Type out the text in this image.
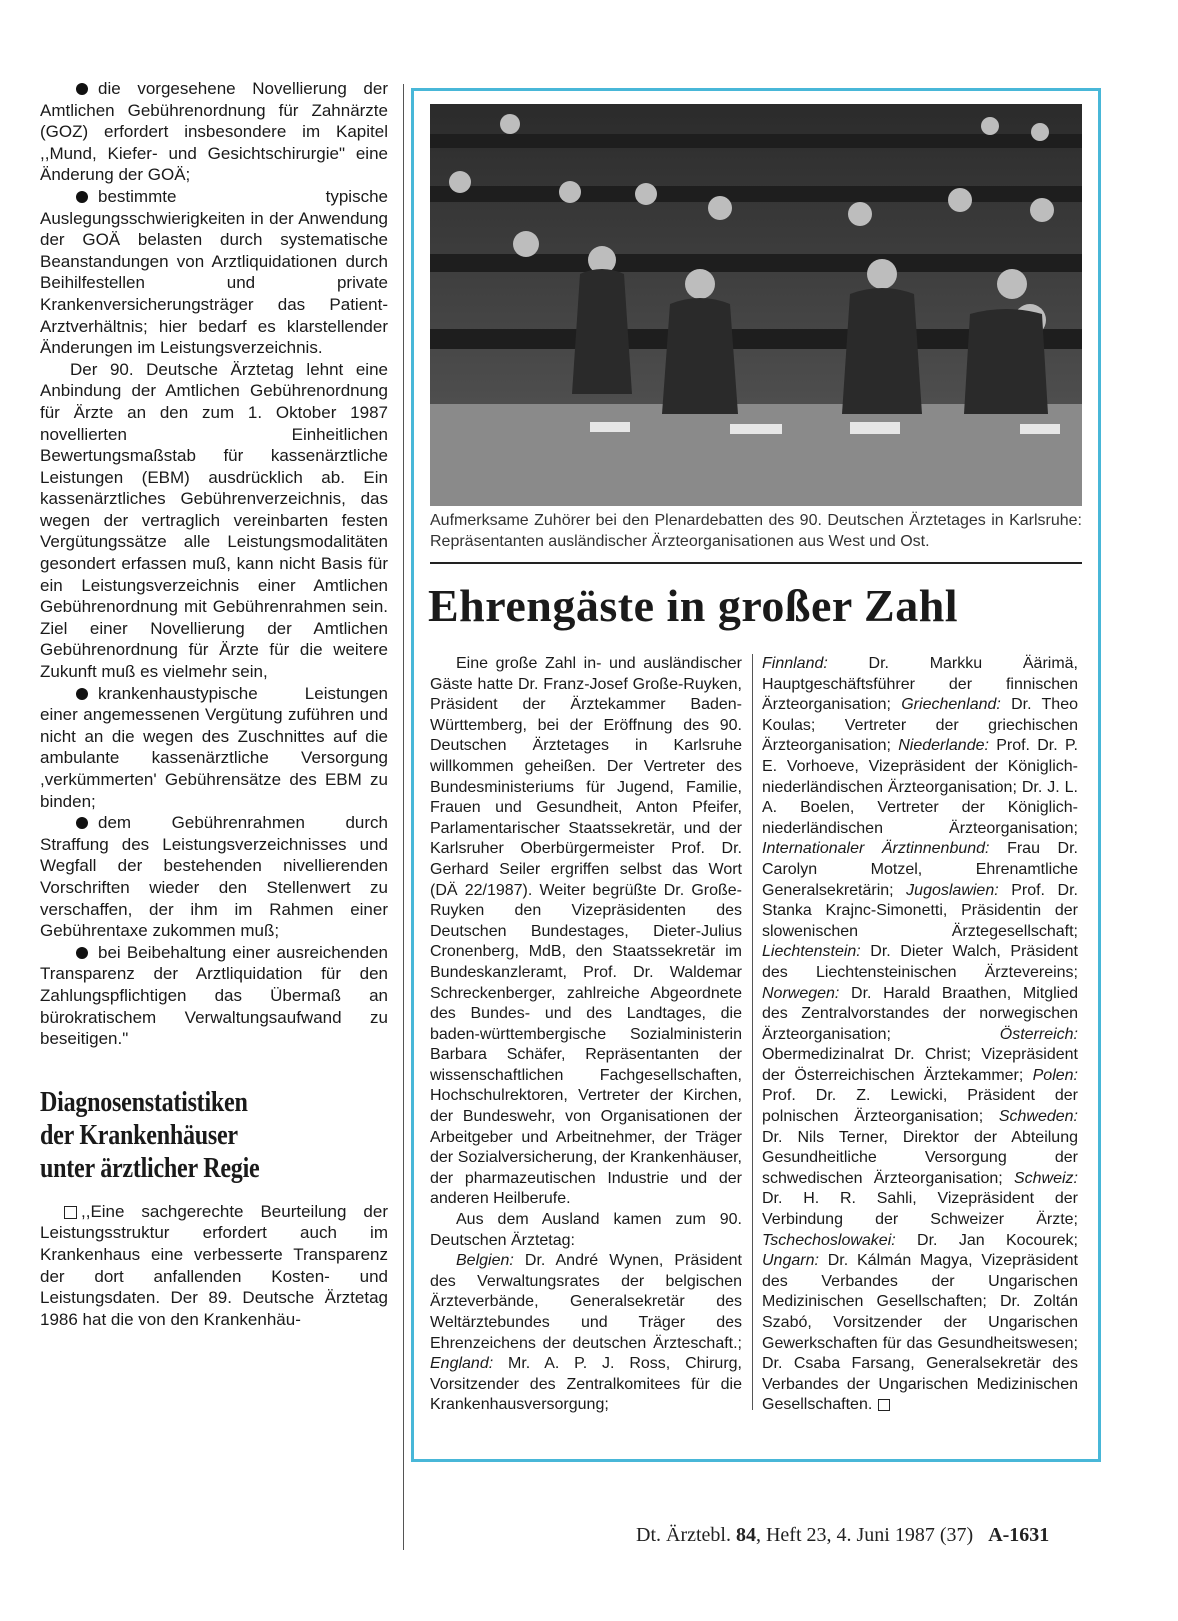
die vorgesehene Novellierung der Amtlichen Gebührenordnung für Zahnärzte (GOZ) erfordert insbesondere im Kapitel ,,Mund, Kiefer- und Gesichtschirurgie" eine Änderung der GOÄ;

bestimmte typische Auslegungsschwierigkeiten in der Anwendung der GOÄ belasten durch systematische Beanstandungen von Arztliquidationen durch Beihilfestellen und private Krankenversicherungsträger das Patient-Arztverhältnis; hier bedarf es klarstellender Änderungen im Leistungsverzeichnis.

Der 90. Deutsche Ärztetag lehnt eine Anbindung der Amtlichen Gebührenordnung für Ärzte an den zum 1. Oktober 1987 novellierten Einheitlichen Bewertungsmaßstab für kassenärztliche Leistungen (EBM) ausdrücklich ab. Ein kassenärztliches Gebührenverzeichnis, das wegen der vertraglich vereinbarten festen Vergütungssätze alle Leistungsmodalitäten gesondert erfassen muß, kann nicht Basis für ein Leistungsverzeichnis einer Amtlichen Gebührenordnung mit Gebührenrahmen sein. Ziel einer Novellierung der Amtlichen Gebührenordnung für Ärzte für die weitere Zukunft muß es vielmehr sein,

krankenhaustypische Leistungen einer angemessenen Vergütung zuführen und nicht an die wegen des Zuschnittes auf die ambulante kassenärztliche Versorgung ,verkümmerten' Gebührensätze des EBM zu binden;

dem Gebührenrahmen durch Straffung des Leistungsverzeichnisses und Wegfall der bestehenden nivellierenden Vorschriften wieder den Stellenwert zu verschaffen, der ihm im Rahmen einer Gebührentaxe zukommen muß;

bei Beibehaltung einer ausreichenden Transparenz der Arztliquidation für den Zahlungspflichtigen das Übermaß an bürokratischem Verwaltungsaufwand zu beseitigen."

Diagnosenstatistiken
der Krankenhäuser
unter ärztlicher Regie

,,Eine sachgerechte Beurteilung der Leistungsstruktur erfordert auch im Krankenhaus eine verbesserte Transparenz der dort anfallenden Kosten- und Leistungsdaten. Der 89. Deutsche Ärztetag 1986 hat die von den Krankenhäu-

Aufmerksame Zuhörer bei den Plenardebatten des 90. Deutschen Ärztetages in Karlsruhe: Repräsentanten ausländischer Ärzteorganisationen aus West und Ost.
Ehrengäste in großer Zahl

Eine große Zahl in- und ausländischer Gäste hatte Dr. Franz-Josef Große-Ruyken, Präsident der Ärztekammer Baden-Württemberg, bei der Eröffnung des 90. Deutschen Ärztetages in Karlsruhe willkommen geheißen. Der Vertreter des Bundesministeriums für Jugend, Familie, Frauen und Gesundheit, Anton Pfeifer, Parlamentarischer Staatssekretär, und der Karlsruher Oberbürgermeister Prof. Dr. Gerhard Seiler ergriffen selbst das Wort (DÄ 22/1987). Weiter begrüßte Dr. Große-Ruyken den Vizepräsidenten des Deutschen Bundestages, Dieter-Julius Cronenberg, MdB, den Staatssekretär im Bundeskanzleramt, Prof. Dr. Waldemar Schreckenberger, zahlreiche Abgeordnete des Bundes- und des Landtages, die baden-württembergische Sozialministerin Barbara Schäfer, Repräsentanten der wissenschaftlichen Fachgesellschaften, Hochschulrektoren, Vertreter der Kirchen, der Bundeswehr, von Organisationen der Arbeitgeber und Arbeitnehmer, der Träger der Sozialversicherung, der Krankenhäuser, der pharmazeutischen Industrie und der anderen Heilberufe.

Aus dem Ausland kamen zum 90. Deutschen Ärztetag:

Belgien: Dr. André Wynen, Präsident des Verwaltungsrates der belgischen Ärzteverbände, Generalsekretär des Weltärztebundes und Träger des Ehrenzeichens der deutschen Ärzteschaft.; England: Mr. A. P. J. Ross, Chirurg, Vorsitzender des Zentralkomitees für die Krankenhausversorgung;

Finnland: Dr. Markku Äärimä, Hauptgeschäftsführer der finnischen Ärzteorganisation; Griechenland: Dr. Theo Koulas; Vertreter der griechischen Ärzteorganisation; Niederlande: Prof. Dr. P. E. Vorhoeve, Vizepräsident der Königlich-niederländischen Ärzteorganisation; Dr. J. L. A. Boelen, Vertreter der Königlich-niederländischen Ärzteorganisation; Internationaler Ärztinnenbund: Frau Dr. Carolyn Motzel, Ehrenamtliche Generalsekretärin; Jugoslawien: Prof. Dr. Stanka Krajnc-Simonetti, Präsidentin der slowenischen Ärztegesellschaft; Liechtenstein: Dr. Dieter Walch, Präsident des Liechtensteinischen Ärztevereins; Norwegen: Dr. Harald Braathen, Mitglied des Zentralvorstandes der norwegischen Ärzteorganisation;	Österreich: Obermedizinalrat Dr. Christ; Vizepräsident der Österreichischen Ärztekammer; Polen: Prof. Dr. Z. Lewicki, Präsident der polnischen Ärzteorganisation; Schweden: Dr. Nils Terner, Direktor der Abteilung Gesundheitliche Versorgung der schwedischen Ärzteorganisation; Schweiz: Dr. H. R. Sahli, Vizepräsident der Verbindung der Schweizer Ärzte; Tschechoslowakei: Dr. Jan Kocourek; Ungarn: Dr. Kálmán Magya, Vizepräsident des Verbandes der Ungarischen Medizinischen Gesellschaften; Dr. Zoltán Szabó, Vorsitzender der Ungarischen Gewerkschaften für das Gesundheitswesen; Dr. Csaba Farsang, Generalsekretär des Verbandes der Ungarischen Medizinischen Gesellschaften.

Dt. Ärztebl. 84, Heft 23, 4. Juni 1987 (37) A-1631
